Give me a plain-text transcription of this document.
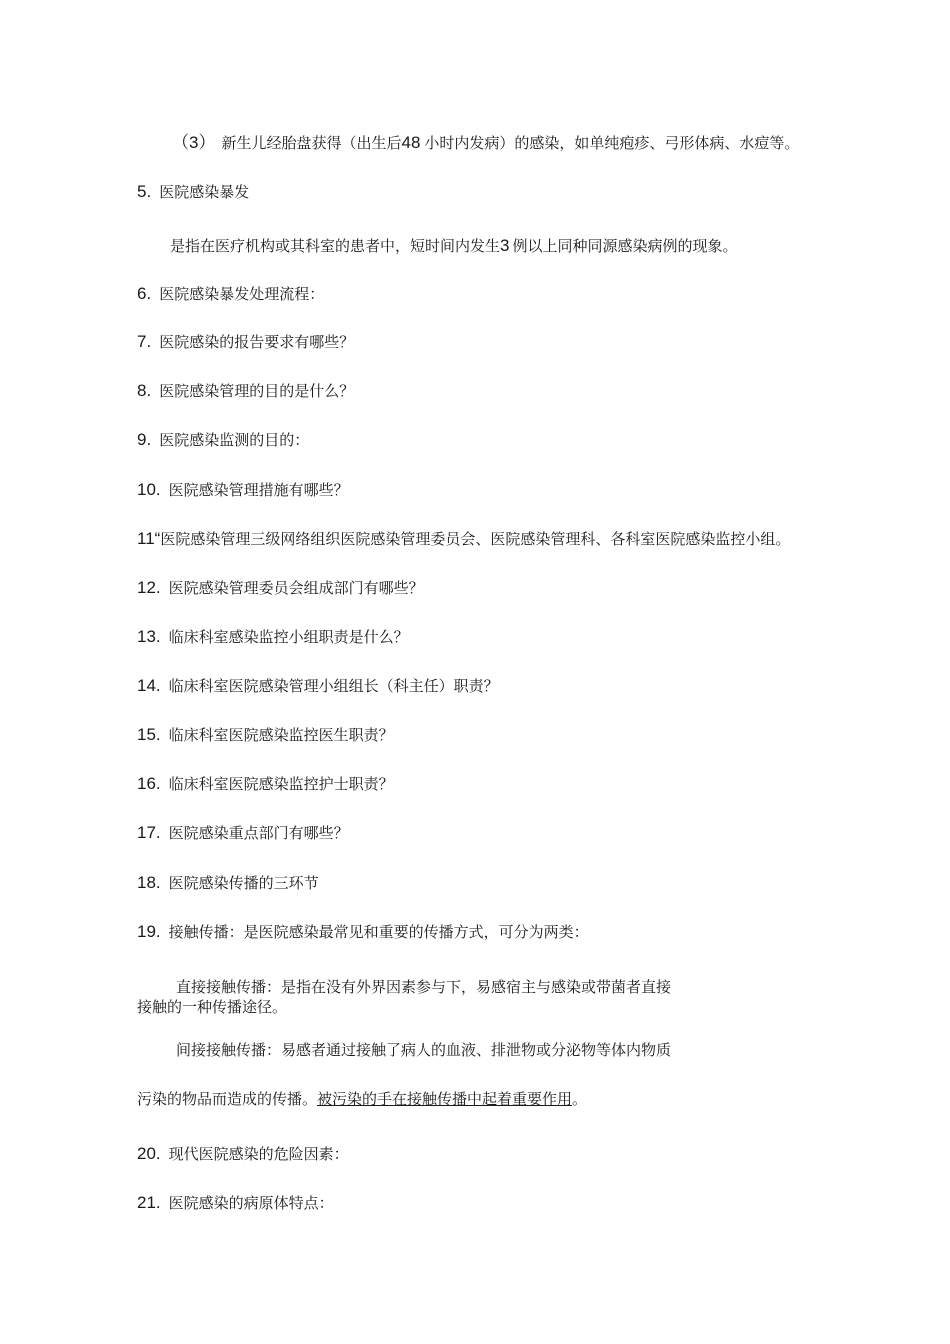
（3） 新生儿经胎盘获得（出生后48 小时内发病）的感染，如单纯疱疹、弓形体病、水痘等。
5. 医院感染暴发
是指在医疗机构或其科室的患者中，短时间内发生3 例以上同种同源感染病例的现象。
6. 医院感染暴发处理流程：
7. 医院感染的报告要求有哪些？
8. 医院感染管理的目的是什么？
9. 医院感染监测的目的：
10. 医院感染管理措施有哪些？
11“医院感染管理三级网络组织医院感染管理委员会、医院感染管理科、各科室医院感染监控小组。
12. 医院感染管理委员会组成部门有哪些？
13. 临床科室感染监控小组职责是什么？
14. 临床科室医院感染管理小组组长（科主任）职责？
15. 临床科室医院感染监控医生职责？
16. 临床科室医院感染监控护士职责？
17. 医院感染重点部门有哪些？
18. 医院感染传播的三环节
19. 接触传播：是医院感染最常见和重要的传播方式，可分为两类：
直接接触传播：是指在没有外界因素参与下，易感宿主与感染或带菌者直接
接触的一种传播途径。
间接接触传播：易感者通过接触了病人的血液、排泄物或分泌物等体内物质
污染的物品而造成的传播。被污染的手在接触传播中起着重要作用。
20. 现代医院感染的危险因素：
21. 医院感染的病原体特点：
